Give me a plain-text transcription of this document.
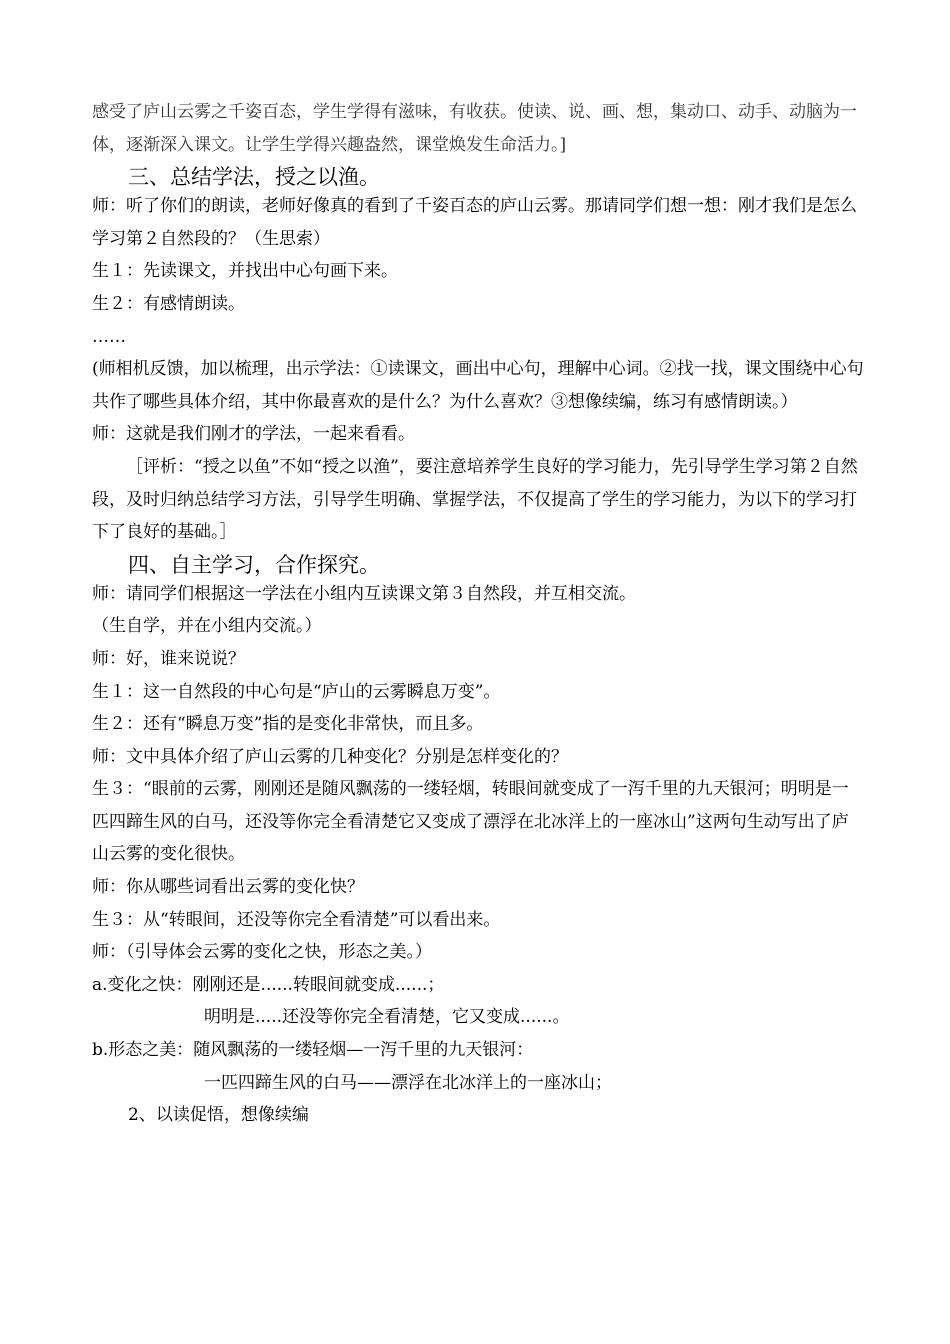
感受了庐山云雾之千姿百态，学生学得有滋味，有收获。使读、说、画、想，集动口、动手、动脑为一体，逐渐深入课文。让学生学得兴趣盎然，课堂焕发生命活力。]

三、总结学法，授之以渔。

师：听了你们的朗读，老师好像真的看到了千姿百态的庐山云雾。那请同学们想一想：刚才我们是怎么学习第２自然段的？（生思索）

生１：先读课文，并找出中心句画下来。

生２：有感情朗读。

……

(师相机反馈，加以梳理，出示学法：①读课文，画出中心句，理解中心词。②找一找，课文围绕中心句共作了哪些具体介绍，其中你最喜欢的是什么？为什么喜欢？③想像续编，练习有感情朗读。）

师：这就是我们刚才的学法，一起来看看。

［评析：“授之以鱼”不如“授之以渔”，要注意培养学生良好的学习能力，先引导学生学习第２自然段，及时归纳总结学习方法，引导学生明确、掌握学法，不仅提高了学生的学习能力，为以下的学习打下了良好的基础。］

四、自主学习，合作探究。

师：请同学们根据这一学法在小组内互读课文第３自然段，并互相交流。

（生自学，并在小组内交流。）

师：好，谁来说说？

生１：这一自然段的中心句是“庐山的云雾瞬息万变”。

生２：还有“瞬息万变”指的是变化非常快，而且多。

师：文中具体介绍了庐山云雾的几种变化？分别是怎样变化的？

生３：“眼前的云雾，刚刚还是随风飘荡的一缕轻烟，转眼间就变成了一泻千里的九天银河；明明是一匹四蹄生风的白马，还没等你完全看清楚它又变成了漂浮在北冰洋上的一座冰山”这两句生动写出了庐山云雾的变化很快。

师：你从哪些词看出云雾的变化快？

生３：从“转眼间，还没等你完全看清楚”可以看出来。

师：（引导体会云雾的变化之快，形态之美。）

a.变化之快：刚刚还是......转眼间就变成......；

明明是.....还没等你完全看清楚，它又变成......。

b.形态之美：随风飘荡的一缕轻烟—一泻千里的九天银河：

一匹四蹄生风的白马——漂浮在北冰洋上的一座冰山；

2、以读促悟，想像续编
